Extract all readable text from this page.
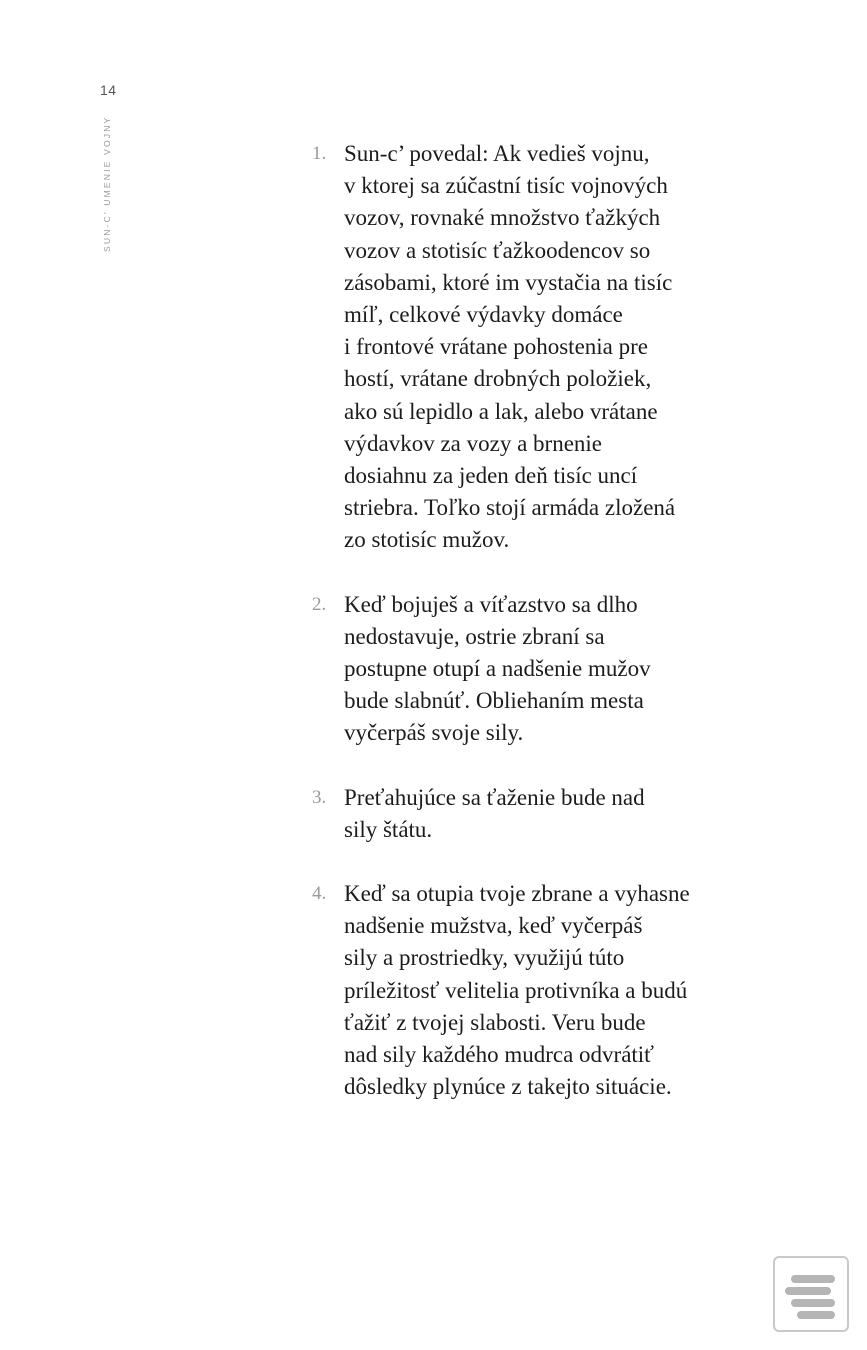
14
SUN-C’ UMENIE VOJNY	1. Sun-c’ povedal: Ak vedieš vojnu,
v ktorej sa zúčastní tisíc vojnových
vozov, rovnaké množstvo ťažkých
vozov a stotisíc ťažkoodencov so
zásobami, ktoré im vystačia na tisíc
míľ, celkové výdavky domáce
i frontové vrátane pohostenia pre
hostí, vrátane drobných položiek,
ako sú lepidlo a lak, alebo vrátane
výdavkov za vozy a brnenie
dosiahnu za jeden deň tisíc uncí
striebra. Toľko stojí armáda zložená
zo stotisíc mužov.
2. Keď bojuješ a víťazstvo sa dlho
nedostavuje, ostrie zbraní sa
postupne otupí a nadšenie mužov
bude slabnúť. Obliehaním mesta
vyčerpáš svoje sily.
3. Preťahujúce sa ťaženie bude nad
sily štátu.
4. Keď sa otupia tvoje zbrane a vyhasne
nadšenie mužstva, keď vyčerpáš
sily a prostriedky, využijú túto
príležitosť velitelia protivníka a budú
ťažiť z tvojej slabosti. Veru bude
nad sily každého mudrca odvrátiť
dôsledky plynúce z takejto situácie.
